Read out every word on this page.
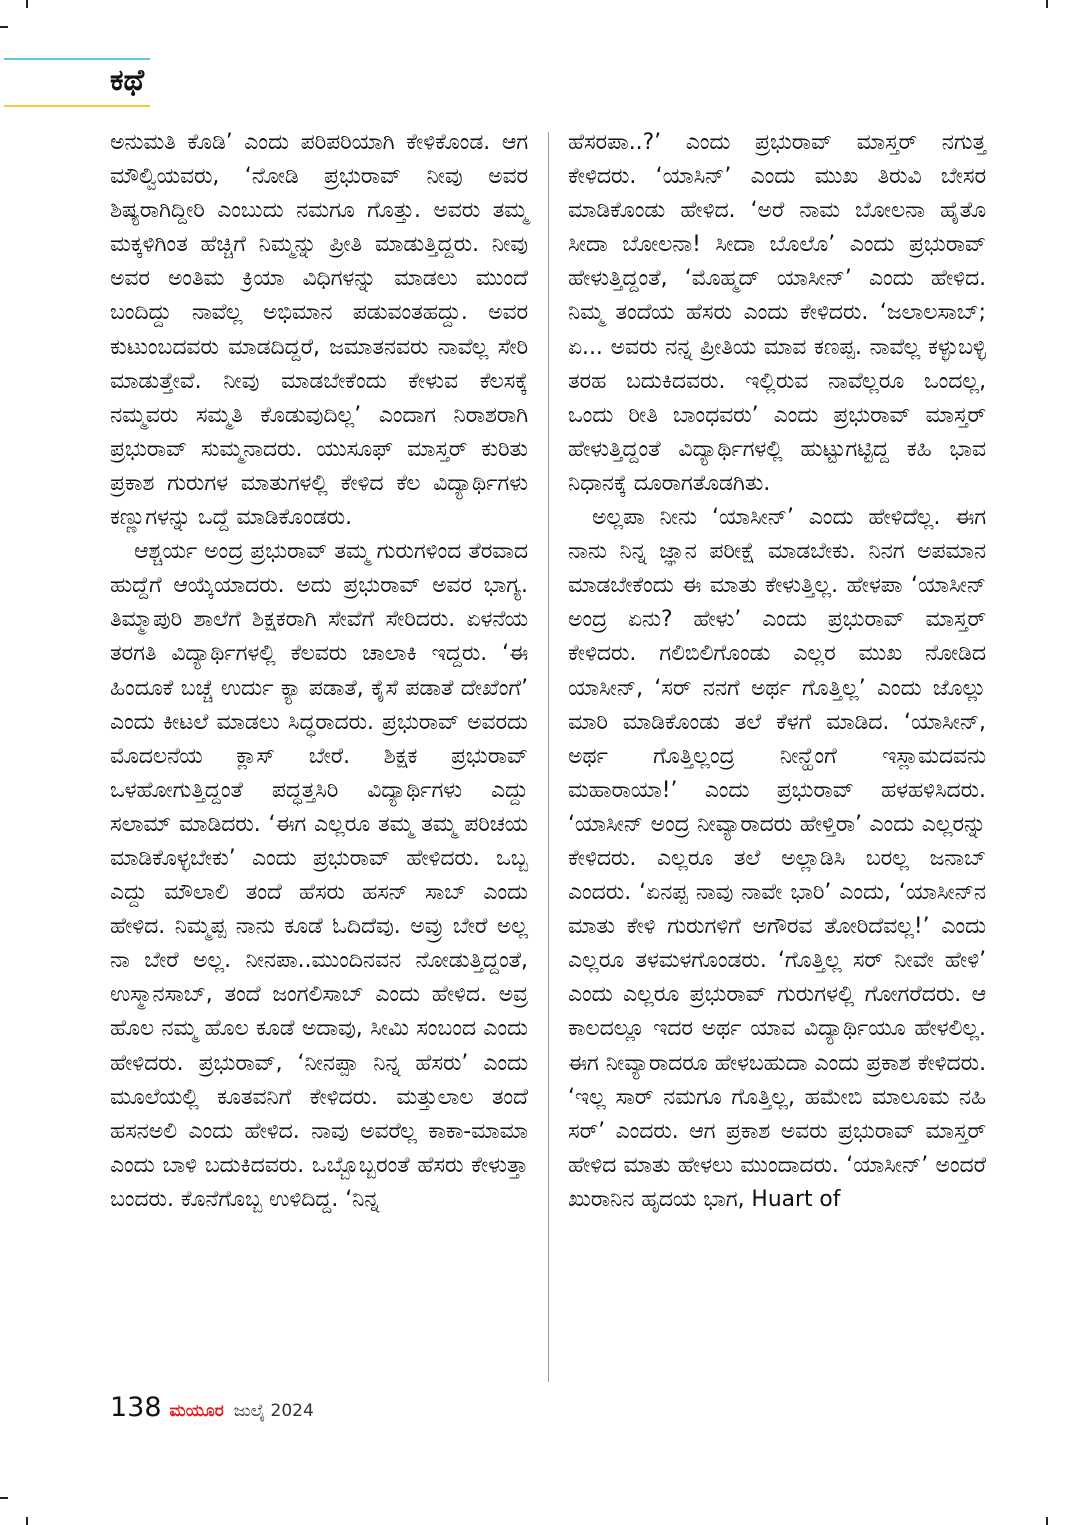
ಕಥೆ

ಅನುಮತಿ ಕೊಡಿ’ ಎಂದು ಪರಿಪರಿಯಾಗಿ ಕೇಳಿಕೊಂಡ. ಆಗ ಮೌಲ್ವಿಯವರು, ‘ನೋಡಿ ಪ್ರಭುರಾವ್ ನೀವು ಅವರ ಶಿಷ್ಯರಾಗಿದ್ದೀರಿ ಎಂಬುದು ನಮಗೂ ಗೊತ್ತು. ಅವರು ತಮ್ಮ ಮಕ್ಕಳಿಗಿಂತ ಹೆಚ್ಚಿಗೆ ನಿಮ್ಮನ್ನು ಪ್ರೀತಿ ಮಾಡುತ್ತಿದ್ದರು. ನೀವು ಅವರ ಅಂತಿಮ ಕ್ರಿಯಾ ವಿಧಿಗಳನ್ನು ಮಾಡಲು ಮುಂದೆ ಬಂದಿದ್ದು ನಾವೆಲ್ಲ ಅಭಿಮಾನ ಪಡುವಂತಹದ್ದು. ಅವರ ಕುಟುಂಬದವರು ಮಾಡದಿದ್ದರೆ, ಜಮಾತನವರು ನಾವೆಲ್ಲ ಸೇರಿ ಮಾಡುತ್ತೇವೆ. ನೀವು ಮಾಡಬೇಕೆಂದು ಕೇಳುವ ಕೆಲಸಕ್ಕೆ ನಮ್ಮವರು ಸಮ್ಮತಿ ಕೊಡುವುದಿಲ್ಲ’ ಎಂದಾಗ ನಿರಾಶರಾಗಿ ಪ್ರಭುರಾವ್ ಸುಮ್ಮನಾದರು. ಯುಸೂಫ್ ಮಾಸ್ತರ್ ಕುರಿತು ಪ್ರಕಾಶ ಗುರುಗಳ ಮಾತುಗಳಲ್ಲಿ ಕೇಳಿದ ಕೆಲ ವಿದ್ಯಾರ್ಥಿಗಳು ಕಣ್ಣುಗಳನ್ನು ಒದ್ದೆ ಮಾಡಿಕೊಂಡರು.

ಆಶ್ಚರ್ಯ ಅಂದ್ರ ಪ್ರಭುರಾವ್ ತಮ್ಮ ಗುರುಗಳಿಂದ ತೆರವಾದ ಹುದ್ದೆಗೆ ಆಯ್ಕೆಯಾದರು. ಅದು ಪ್ರಭುರಾವ್ ಅವರ ಭಾಗ್ಯ. ತಿಮ್ಮಾಪುರಿ ಶಾಲೆಗೆ ಶಿಕ್ಷಕರಾಗಿ ಸೇವೆಗೆ ಸೇರಿದರು. ಏಳನೆಯ ತರಗತಿ ವಿದ್ಯಾರ್ಥಿಗಳಲ್ಲಿ ಕೆಲವರು ಚಾಲಾಕಿ ಇದ್ದರು. ‘ಈ ಹಿಂದೂಕೆ ಬಚ್ಚೆ ಉರ್ದು ಕ್ಯಾ ಪಡಾತೆ, ಕೈಸೆ ಪಡಾತೆ ದೇಖೆಂಗೆ’ ಎಂದು ಕೀಟಲೆ ಮಾಡಲು ಸಿದ್ಧರಾದರು. ಪ್ರಭುರಾವ್ ಅವರದು ಮೊದಲನೆಯ ಕ್ಲಾಸ್ ಬೇರೆ. ಶಿಕ್ಷಕ ಪ್ರಭುರಾವ್ ಒಳಹೋಗುತ್ತಿದ್ದಂತೆ ಪದ್ಧತ್ತಸಿರಿ ವಿದ್ಯಾರ್ಥಿಗಳು ಎದ್ದು ಸಲಾಮ್ ಮಾಡಿದರು. ‘ಈಗ ಎಲ್ಲರೂ ತಮ್ಮ ತಮ್ಮ ಪರಿಚಯ ಮಾಡಿಕೊಳ್ಳಬೇಕು’ ಎಂದು ಪ್ರಭುರಾವ್ ಹೇಳಿದರು. ಒಬ್ಬ ಎದ್ದು ಮೌಲಾಲಿ ತಂದೆ ಹೆಸರು ಹಸನ್ ಸಾಬ್ ಎಂದು ಹೇಳಿದ. ನಿಮ್ಮಪ್ಪ ನಾನು ಕೂಡೆ ಓದಿದೆವು. ಅವ್ರು ಬೇರೆ ಅಲ್ಲ ನಾ ಬೇರೆ ಅಲ್ಲ. ನೀನಪಾ..ಮುಂದಿನವನ ನೋಡುತ್ತಿದ್ದಂತೆ, ಉಸ್ಮಾನಸಾಬ್, ತಂದೆ ಜಂಗಲಿಸಾಬ್ ಎಂದು ಹೇಳಿದ. ಅವ್ರ ಹೊಲ ನಮ್ಮ ಹೊಲ ಕೂಡೆ ಅದಾವು, ಸೀಮಿ ಸಂಬಂದ ಎಂದು ಹೇಳಿದರು. ಪ್ರಭುರಾವ್, ‘ನೀನಪ್ಪಾ ನಿನ್ನ ಹೆಸರು’ ಎಂದು ಮೂಲೆಯಲ್ಲಿ ಕೂತವನಿಗೆ ಕೇಳಿದರು. ಮತ್ತುಲಾಲ ತಂದೆ ಹಸನಅಲಿ ಎಂದು ಹೇಳಿದ. ನಾವು ಅವರೆಲ್ಲ ಕಾಕಾ-ಮಾಮಾ ಎಂದು ಬಾಳಿ ಬದುಕಿದವರು. ಒಬ್ಬೊಬ್ಬರಂತೆ ಹೆಸರು ಕೇಳುತ್ತಾ ಬಂದರು. ಕೊನೆಗೊಬ್ಬ ಉಳಿದಿದ್ದ. ‘ನಿನ್ನ

ಹೆಸರಪಾ..?’ ಎಂದು ಪ್ರಭುರಾವ್ ಮಾಸ್ತರ್ ನಗುತ್ತ ಕೇಳಿದರು. ‘ಯಾಸಿನ್’ ಎಂದು ಮುಖ ತಿರುವಿ ಬೇಸರ ಮಾಡಿಕೊಂಡು ಹೇಳಿದ. ‘ಅರೆ ನಾಮ ಬೋಲನಾ ಹೈತೊ ಸೀದಾ ಬೋಲನಾ! ಸೀದಾ ಬೊಲೊ’ ಎಂದು ಪ್ರಭುರಾವ್ ಹೇಳುತ್ತಿದ್ದಂತೆ, ‘ಮೊಹ್ಮದ್ ಯಾಸೀನ್’ ಎಂದು ಹೇಳಿದ. ನಿಮ್ಮ ತಂದೆಯ ಹೆಸರು ಎಂದು ಕೇಳಿದರು. ‘ಜಲಾಲಸಾಬ್; ಏ... ಅವರು ನನ್ನ ಪ್ರೀತಿಯ ಮಾವ ಕಣಪ್ಪ. ನಾವೆಲ್ಲ ಕಳ್ಳುಬಳ್ಳಿ ತರಹ ಬದುಕಿದವರು. ಇಲ್ಲಿರುವ ನಾವೆಲ್ಲರೂ ಒಂದಲ್ಲ, ಒಂದು ರೀತಿ ಬಾಂಧವರು’ ಎಂದು ಪ್ರಭುರಾವ್ ಮಾಸ್ತರ್ ಹೇಳುತ್ತಿದ್ದಂತೆ ವಿದ್ಯಾರ್ಥಿಗಳಲ್ಲಿ ಹುಟ್ಟುಗಟ್ಟಿದ್ದ ಕಹಿ ಭಾವ ನಿಧಾನಕ್ಕೆ ದೂರಾಗತೊಡಗಿತು.

ಅಲ್ಲಪಾ ನೀನು ‘ಯಾಸೀನ್’ ಎಂದು ಹೇಳಿದೆಲ್ಲ. ಈಗ ನಾನು ನಿನ್ನ ಜ್ಞಾನ ಪರೀಕ್ಷೆ ಮಾಡಬೇಕು. ನಿನಗ ಅಪಮಾನ ಮಾಡಬೇಕೆಂದು ಈ ಮಾತು ಕೇಳುತ್ತಿಲ್ಲ. ಹೇಳಪಾ ‘ಯಾಸೀನ್ ಅಂದ್ರ ಏನು? ಹೇಳು’ ಎಂದು ಪ್ರಭುರಾವ್ ಮಾಸ್ತರ್ ಕೇಳಿದರು. ಗಲಿಬಿಲಿಗೊಂಡು ಎಲ್ಲರ ಮುಖ ನೋಡಿದ ಯಾಸೀನ್, ‘ಸರ್ ನನಗೆ ಅರ್ಥ ಗೊತ್ತಿಲ್ಲ’ ಎಂದು ಜೊಲ್ಲು ಮಾರಿ ಮಾಡಿಕೊಂಡು ತಲೆ ಕೆಳಗೆ ಮಾಡಿದ. ‘ಯಾಸೀನ್, ಅರ್ಥ ಗೊತ್ತಿಲ್ಲಂದ್ರ ನೀನ್ಹೆಂಗೆ ಇಸ್ಲಾಮದವನು ಮಹಾರಾಯಾ!’ ಎಂದು ಪ್ರಭುರಾವ್ ಹಳಹಳಿಸಿದರು. ‘ಯಾಸೀನ್ ಅಂದ್ರ ನೀವ್ಯಾರಾದರು ಹೇಳ್ತಿರಾ’ ಎಂದು ಎಲ್ಲರನ್ನು ಕೇಳಿದರು. ಎಲ್ಲರೂ ತಲೆ ಅಲ್ಲಾಡಿಸಿ ಬರಲ್ಲ ಜನಾಬ್ ಎಂದರು. ‘ಏನಪ್ಪ ನಾವು ನಾವೇ ಭಾರಿ’ ಎಂದು, ‘ಯಾಸೀನ್‌ನ ಮಾತು ಕೇಳಿ ಗುರುಗಳಿಗೆ ಅಗೌರವ ತೋರಿದೆವಲ್ಲ!’ ಎಂದು ಎಲ್ಲರೂ ತಳಮಳಗೊಂಡರು. ‘ಗೊತ್ತಿಲ್ಲ ಸರ್ ನೀವೇ ಹೇಳಿ’ ಎಂದು ಎಲ್ಲರೂ ಪ್ರಭುರಾವ್ ಗುರುಗಳಲ್ಲಿ ಗೋಗರೆದರು. ಆ ಕಾಲದಲ್ಲೂ ಇದರ ಅರ್ಥ ಯಾವ ವಿದ್ಯಾರ್ಥಿಯೂ ಹೇಳಲಿಲ್ಲ. ಈಗ ನೀವ್ಯಾರಾದರೂ ಹೇಳಬಹುದಾ ಎಂದು ಪ್ರಕಾಶ ಕೇಳಿದರು. ‘ಇಲ್ಲ ಸಾರ್ ನಮಗೂ ಗೊತ್ತಿಲ್ಲ, ಹಮೇಬಿ ಮಾಲೂಮ ನಹಿ ಸರ್’ ಎಂದರು. ಆಗ ಪ್ರಕಾಶ ಅವರು ಪ್ರಭುರಾವ್ ಮಾಸ್ತರ್ ಹೇಳಿದ ಮಾತು ಹೇಳಲು ಮುಂದಾದರು. ‘ಯಾಸೀನ್’ ಅಂದರೆ ಖುರಾನಿನ ಹೃದಯ ಭಾಗ, Huart of

138 ಮಯೂರ ಜುಲೈ 2024
